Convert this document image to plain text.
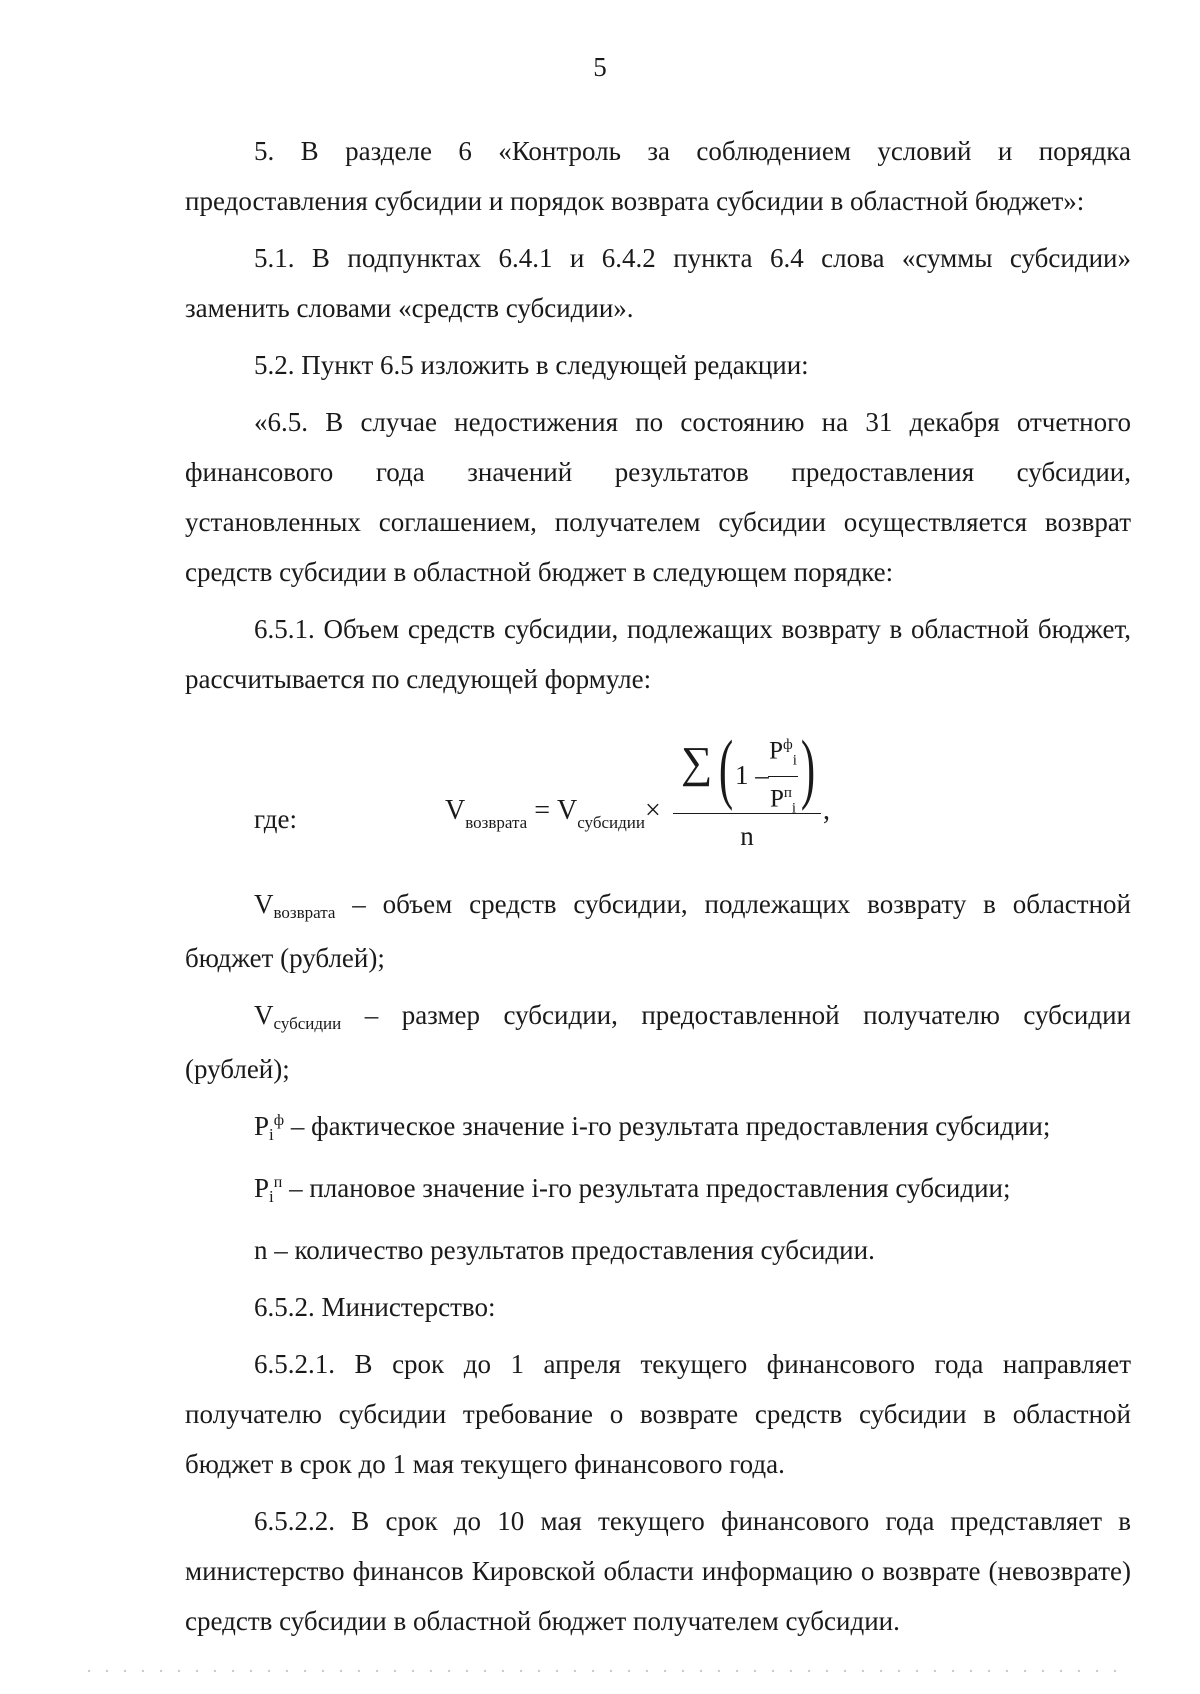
5

5. В разделе 6 «Контроль за соблюдением условий и порядка предоставления субсидии и порядок возврата субсидии в областной бюджет»:

5.1. В подпунктах 6.4.1 и 6.4.2 пункта 6.4 слова «суммы субсидии» заменить словами «средств субсидии».

5.2. Пункт 6.5 изложить в следующей редакции:

«6.5. В случае недостижения по состоянию на 31 декабря отчетного финансового года значений результатов предоставления субсидии, установленных соглашением, получателем субсидии осуществляется возврат средств субсидии в областной бюджет в следующем порядке:

6.5.1. Объем средств субсидии, подлежащих возврату в областной бюджет, рассчитывается по следующей формуле:

$V_{возврата} = V_{субсидии}\times$
∑ ( 1 –
$P^ф_i$
$P^п_i$ )
n
,

где:

Vвозврата – объем средств субсидии, подлежащих возврату в областной бюджет (рублей);

Vсубсидии – размер субсидии, предоставленной получателю субсидии (рублей);

$Pi^ф$ – фактическое значение i-го результата предоставления субсидии;

$Pi^п$ – плановое значение i-го результата предоставления субсидии;

n – количество результатов предоставления субсидии.

6.5.2. Министерство:

6.5.2.1. В срок до 1 апреля текущего финансового года направляет получателю субсидии требование о возврате средств субсидии в областной бюджет в срок до 1 мая текущего финансового года.

6.5.2.2. В срок до 10 мая текущего финансового года представляет в министерство финансов Кировской области информацию о возврате (невозврате) средств субсидии в областной бюджет получателем субсидии.
